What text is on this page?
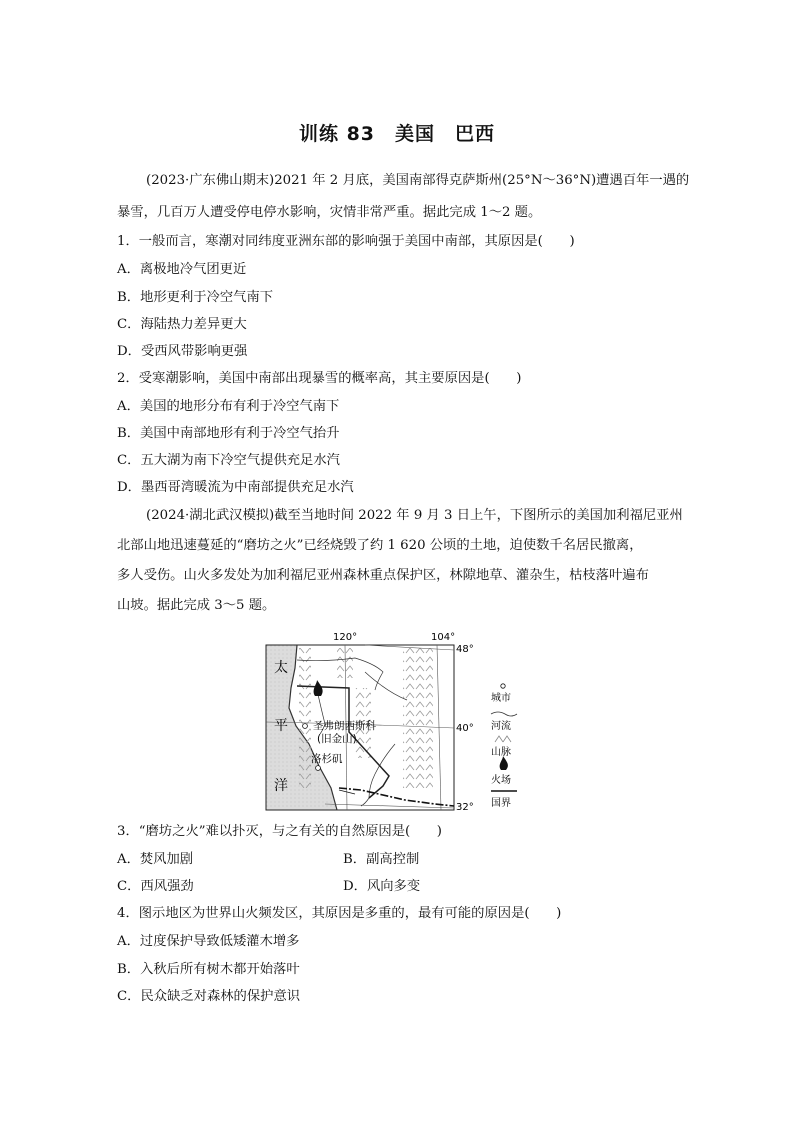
训练 83　美国　巴西
(2023·广东佛山期末)2021 年 2 月底，美国南部得克萨斯州(25°N～36°N)遭遇百年一遇的
暴雪，几百万人遭受停电停水影响，灾情非常严重。据此完成 1～2 题。
1．一般而言，寒潮对同纬度亚洲东部的影响强于美国中南部，其原因是(　　)
A．离极地冷气团更近
B．地形更利于冷空气南下
C．海陆热力差异更大
D．受西风带影响更强
2．受寒潮影响，美国中南部出现暴雪的概率高，其主要原因是(　　)
A．美国的地形分布有利于冷空气南下
B．美国中南部地形有利于冷空气抬升
C．五大湖为南下冷空气提供充足水汽
D．墨西哥湾暖流为中南部提供充足水汽
(2024·湖北武汉模拟)截至当地时间 2022 年 9 月 3 日上午，下图所示的美国加利福尼亚州
北部山地迅速蔓延的“磨坊之火”已经烧毁了约 1 620 公顷的土地，迫使数千名居民撤离，
多人受伤。山火多发处为加利福尼亚州森林重点保护区，林隙地草、灌杂生，枯枝落叶遍布
山坡。据此完成 3～5 题。
120°	104°
48°
40°
32°
太
平
洋
圣弗朗西斯科
(旧金山)
洛杉矶
城市
河流
山脉
火场
国界
3．“磨坊之火”难以扑灭，与之有关的自然原因是(　　)
A．焚风加剧	B．副高控制
C．西风强劲	D．风向多变
4．图示地区为世界山火频发区，其原因是多重的，最有可能的原因是(　　)
A．过度保护导致低矮灌木增多
B．入秋后所有树木都开始落叶
C．民众缺乏对森林的保护意识
